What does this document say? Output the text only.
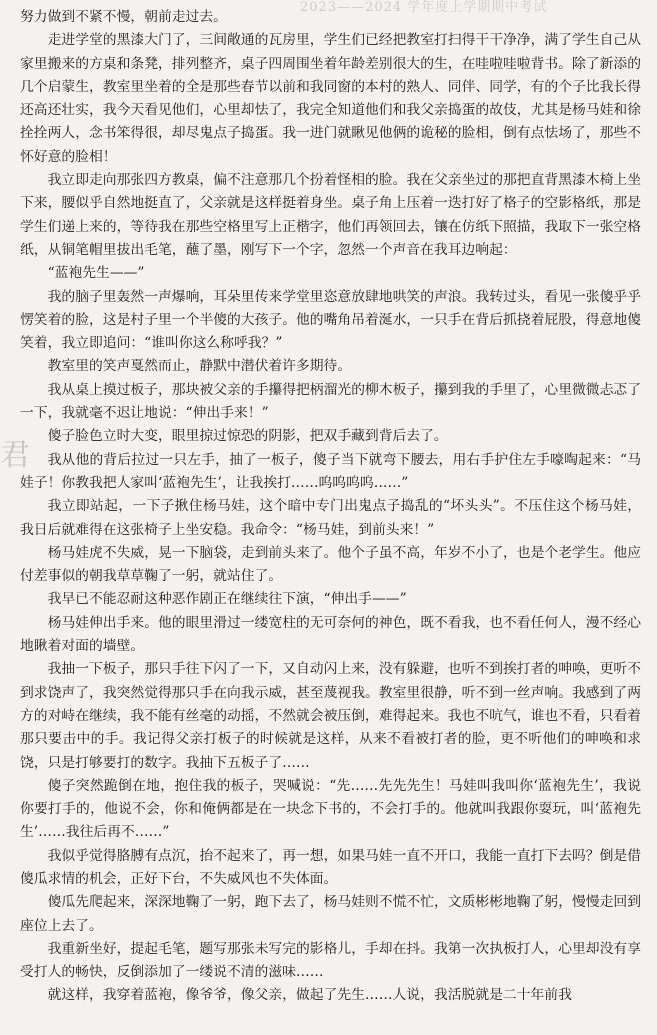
2023——2024 学年度上学期期中考试
君

努力做到不紧不慢，朝前走过去。

走进学堂的黑漆大门了，三间敞通的瓦房里，学生们已经把教室打扫得干干净净，满了学生自己从家里搬来的方桌和条凳，排列整齐，桌子四周围坐着年龄差别很大的生，在哇啦哇啦背书。除了新添的几个启蒙生，教室里坐着的全是那些春节以前和我同窗的本村的熟人、同伴、同学，有的个子比我长得还高还壮实，我今天看见他们，心里却怯了，我完全知道他们和我父亲捣蛋的故伎，尤其是杨马娃和徐拴拴两人，念书笨得很，却尽鬼点子捣蛋。我一进门就瞅见他俩的诡秘的脸相，倒有点怯场了，那些不怀好意的脸相！

我立即走向那张四方教桌，偏不注意那几个扮着怪相的脸。我在父亲坐过的那把直背黑漆木椅上坐下来，腰似乎自然地挺直了，父亲就是这样挺着身坐。桌子角上压着一迭打好了格子的空影格纸，那是学生们递上来的，等待我在那些空格里写上正楷字，他们再领回去，镶在仿纸下照描，我取下一张空格纸，从铜笔帽里拔出毛笔，蘸了墨，刚写下一个字，忽然一个声音在我耳边响起：

“蓝袍先生——”

我的脑子里轰然一声爆响，耳朵里传来学堂里恣意放肆地哄笑的声浪。我转过头，看见一张傻乎乎愣笑着的脸，这是村子里一个半傻的大孩子。他的嘴角吊着涎水，一只手在背后抓挠着屁股，得意地傻笑着，我立即追问：“谁叫你这么称呼我？”

教室里的笑声戛然而止，静默中潜伏着许多期待。

我从桌上摸过板子，那块被父亲的手攥得把柄溜光的柳木板子，攥到我的手里了，心里微微忐忑了一下，我就毫不迟让地说：“伸出手来！”

傻子脸色立时大变，眼里掠过惊恐的阴影，把双手藏到背后去了。

我从他的背后拉过一只左手，抽了一板子，傻子当下就弯下腰去，用右手护住左手嚎啕起来：“马娃子！你教我把人家叫‘蓝袍先生’，让我挨打……呜呜呜呜……”

我立即站起，一下子揪住杨马娃，这个暗中专门出鬼点子捣乱的“坏头头”。不压住这个杨马娃，我日后就难得在这张椅子上坐安稳。我命令：“杨马娃，到前头来！”

杨马娃虎不失威，晃一下脑袋，走到前头来了。他个子虽不高，年岁不小了，也是个老学生。他应付差事似的朝我草草鞠了一躬，就站住了。

我早已不能忍耐这种恶作剧正在继续往下演，“伸出手——”

杨马娃伸出手来。他的眼里滑过一缕宽柱的无可奈何的神色，既不看我，也不看任何人，漫不经心地瞅着对面的墙壁。

我抽一下板子，那只手往下闪了一下，又自动闪上来，没有躲避，也听不到挨打者的呻唤，更听不到求饶声了，我突然觉得那只手在向我示威，甚至蔑视我。教室里很静，听不到一丝声响。我感到了两方的对峙在继续，我不能有丝毫的动摇，不然就会被压倒，难得起来。我也不吭气，谁也不看，只看着那只要击中的手。我记得父亲打板子的时候就是这样，从来不看被打者的脸，更不听他们的呻唤和求饶，只是打够要打的数字。我抽下五板子了……

傻子突然跪倒在地，抱住我的板子，哭喊说：“先……先先先生！马娃叫我叫你‘蓝袍先生’，我说你要打手的，他说不会，你和俺俩都是在一块念下书的，不会打手的。他就叫我跟你耍玩，叫‘蓝袍先生’……我往后再不……”

我似乎觉得胳膊有点沉，抬不起来了，再一想，如果马娃一直不开口，我能一直打下去吗？倒是借傻瓜求情的机会，正好下台，不失威风也不失体面。

傻瓜先爬起来，深深地鞠了一躬，跑下去了，杨马娃则不慌不忙，文质彬彬地鞠了躬，慢慢走回到座位上去了。

我重新坐好，提起毛笔，题写那张未写完的影格儿，手却在抖。我第一次执板打人，心里却没有享受打人的畅快，反倒添加了一缕说不清的滋味……

就这样，我穿着蓝袍，像爷爷，像父亲，做起了先生……人说，我活脱就是二十年前我
